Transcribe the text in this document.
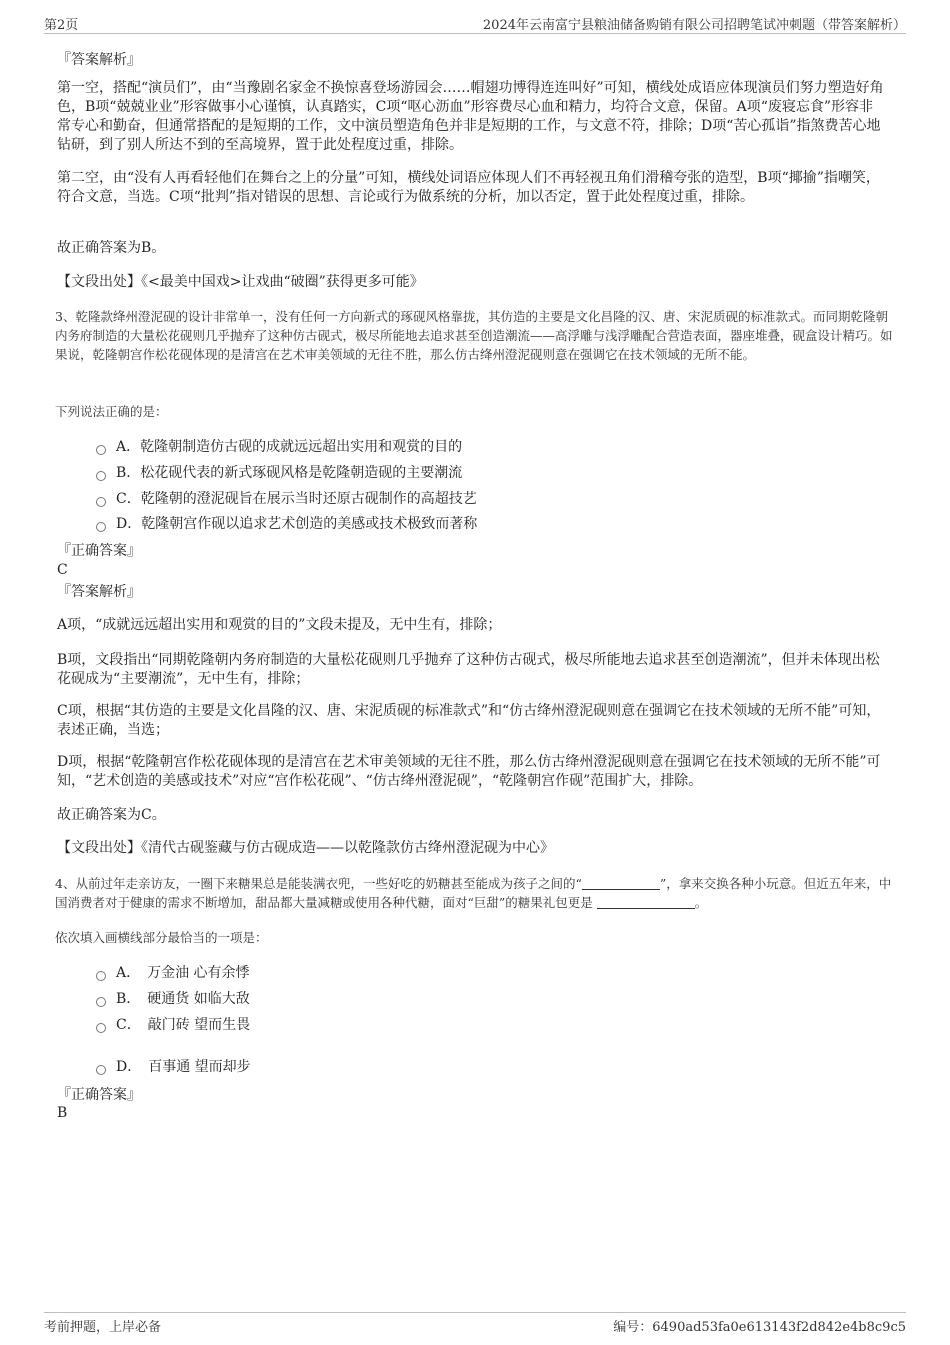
第2页	2024年云南富宁县粮油储备购销有限公司招聘笔试冲刺题（带答案解析）
『答案解析』
第一空，搭配“演员们”，由“当豫剧名家金不换惊喜登场游园会……帽翅功博得连连叫好”可知，横线处成语应体现演员们努力塑造好角色，B项“兢兢业业”形容做事小心谨慎，认真踏实，C项“呕心沥血”形容费尽心血和精力，均符合文意，保留。A项“废寝忘食”形容非常专心和勤奋，但通常搭配的是短期的工作，文中演员塑造角色并非是短期的工作，与文意不符，排除；D项“苦心孤诣”指煞费苦心地钻研，到了别人所达不到的至高境界，置于此处程度过重，排除。
第二空，由“没有人再看轻他们在舞台之上的分量”可知，横线处词语应体现人们不再轻视丑角们滑稽夸张的造型，B项“揶揄”指嘲笑，符合文意，当选。C项“批判”指对错误的思想、言论或行为做系统的分析，加以否定，置于此处程度过重，排除。
故正确答案为B。
【文段出处】《<最美中国戏>让戏曲“破圈”获得更多可能》
3、乾隆款绛州澄泥砚的设计非常单一，没有任何一方向新式的琢砚风格靠拢，其仿造的主要是文化昌隆的汉、唐、宋泥质砚的标准款式。而同期乾隆朝内务府制造的大量松花砚则几乎抛弃了这种仿古砚式，极尽所能地去追求甚至创造潮流——高浮雕与浅浮雕配合营造表面，器座堆叠，砚盒设计精巧。如果说，乾隆朝宫作松花砚体现的是清宫在艺术审美领域的无往不胜，那么仿古绛州澄泥砚则意在强调它在技术领域的无所不能。
下列说法正确的是：
A．乾隆朝制造仿古砚的成就远远超出实用和观赏的目的
B．松花砚代表的新式琢砚风格是乾隆朝造砚的主要潮流
C．乾隆朝的澄泥砚旨在展示当时还原古砚制作的高超技艺
D．乾隆朝宫作砚以追求艺术创造的美感或技术极致而著称
『正确答案』
C
『答案解析』
A项，“成就远远超出实用和观赏的目的”文段未提及，无中生有，排除；
B项，文段指出“同期乾隆朝内务府制造的大量松花砚则几乎抛弃了这种仿古砚式，极尽所能地去追求甚至创造潮流”，但并未体现出松花砚成为“主要潮流”，无中生有，排除；
C项，根据“其仿造的主要是文化昌隆的汉、唐、宋泥质砚的标准款式”和“仿古绛州澄泥砚则意在强调它在技术领域的无所不能”可知，表述正确，当选；
D项，根据“乾隆朝宫作松花砚体现的是清宫在艺术审美领域的无往不胜，那么仿古绛州澄泥砚则意在强调它在技术领域的无所不能”可知，“艺术创造的美感或技术”对应“宫作松花砚”、“仿古绛州澄泥砚”，“乾隆朝宫作砚”范围扩大，排除。
故正确答案为C。
【文段出处】《清代古砚鉴藏与仿古砚成造——以乾隆款仿古绛州澄泥砚为中心》
4、从前过年走亲访友，一圈下来糖果总是能装满衣兜，一些好吃的奶糖甚至能成为孩子之间的“	”，拿来交换各种小玩意。但近五年来，中国消费者对于健康的需求不断增加，甜品都大量减糖或使用各种代糖，面对“巨甜”的糖果礼包更是	。
依次填入画横线部分最恰当的一项是：
A．　万金油 心有余悸
B．　硬通货 如临大敌
C．　敲门砖 望而生畏
D．　百事通 望而却步
『正确答案』
B
考前押题，上岸必备	编号：6490ad53fa0e613143f2d842e4b8c9c5
